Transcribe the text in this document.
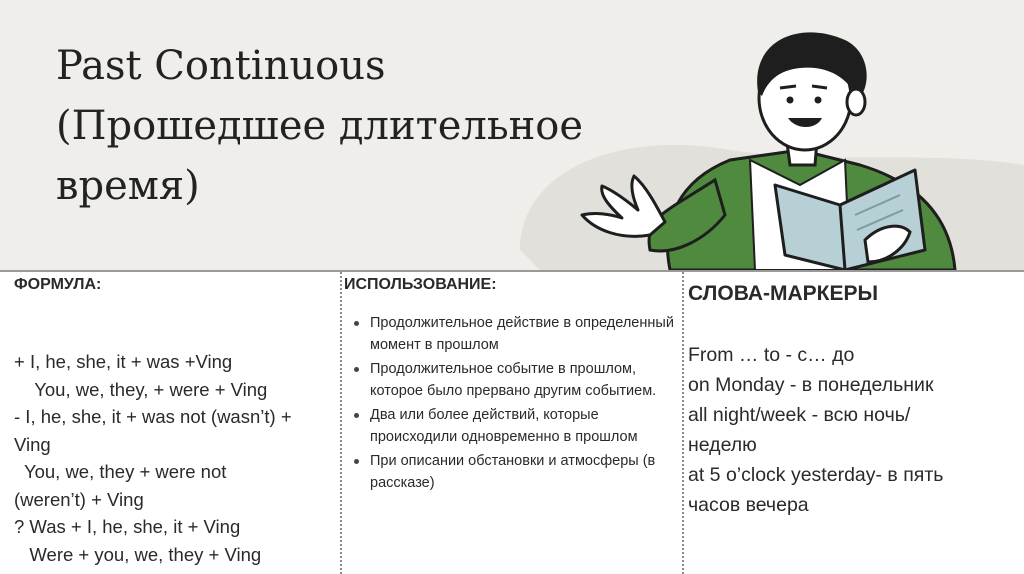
Past Continuous
(Прошедшее длительное
время)
ФОРМУЛА:
+ I, he, she, it + was +Ving
You, we, they, + were + Ving
- I, he, she, it + was not (wasn’t) +
Ving
You, we, they + were not
(weren’t) + Ving
? Was + I, he, she, it + Ving
Were + you, we, they + Ving
ИСПОЛЬЗОВАНИЕ:
Продолжительное действие в определенный момент в прошлом
Продолжительное событие в прошлом, которое было прервано другим событием.
Два или более действий, которые происходили одновременно в прошлом
При описании обстановки и атмосферы (в рассказе)
СЛОВА-МАРКЕРЫ
From … to - с… до
on Monday - в понедельник
all night/week - всю ночь/
неделю
at 5 o’clock yesterday- в пять
часов вечера
